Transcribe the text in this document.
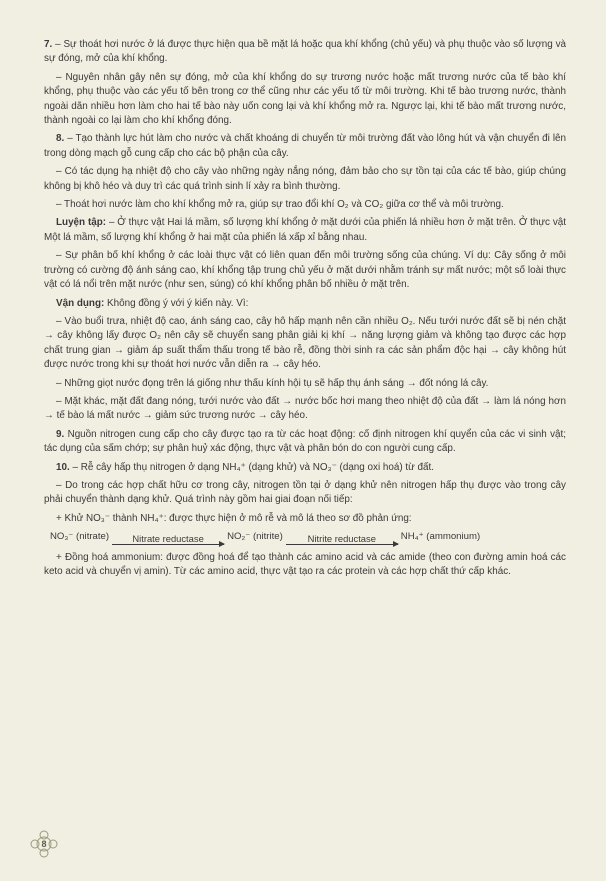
7. – Sự thoát hơi nước ở lá được thực hiện qua bề mặt lá hoặc qua khí khổng (chủ yếu) và phụ thuộc vào số lượng và sự đóng, mở của khí khổng.

– Nguyên nhân gây nên sự đóng, mở của khí khổng do sự trương nước hoặc mất trương nước của tế bào khí khổng, phụ thuộc vào các yếu tố bên trong cơ thể cũng như các yếu tố từ môi trường. Khi tế bào trương nước, thành ngoài dãn nhiều hơn làm cho hai tế bào này uốn cong lại và khí khổng mở ra. Ngược lại, khi tế bào mất trương nước, thành ngoài co lại làm cho khí khổng đóng.

8. – Tạo thành lực hút làm cho nước và chất khoáng di chuyển từ môi trường đất vào lông hút và vận chuyển đi lên trong dòng mạch gỗ cung cấp cho các bộ phận của cây.

– Có tác dụng hạ nhiệt độ cho cây vào những ngày nắng nóng, đảm bảo cho sự tồn tại của các tế bào, giúp chúng không bị khô héo và duy trì các quá trình sinh lí xảy ra bình thường.

– Thoát hơi nước làm cho khí khổng mở ra, giúp sự trao đổi khí O₂ và CO₂ giữa cơ thể và môi trường.

Luyện tập: – Ở thực vật Hai lá mầm, số lượng khí khổng ở mặt dưới của phiến lá nhiều hơn ở mặt trên. Ở thực vật Một lá mầm, số lượng khí khổng ở hai mặt của phiến lá xấp xỉ bằng nhau.

– Sự phân bố khí khổng ở các loài thực vật có liên quan đến môi trường sống của chúng. Ví dụ: Cây sống ở môi trường có cường độ ánh sáng cao, khí khổng tập trung chủ yếu ở mặt dưới nhằm tránh sự mất nước; một số loài thực vật có lá nổi trên mặt nước (như sen, súng) có khí khổng phân bố nhiều ở mặt trên.

Vận dụng: Không đồng ý với ý kiến này. Vì:

– Vào buổi trưa, nhiệt độ cao, ánh sáng cao, cây hô hấp mạnh nên cần nhiều O₂. Nếu tưới nước đất sẽ bị nén chặt → cây không lấy được O₂ nên cây sẽ chuyển sang phân giải kị khí → năng lượng giảm và không tạo được các hợp chất trung gian → giảm áp suất thẩm thấu trong tế bào rễ, đồng thời sinh ra các sản phẩm độc hại → cây không hút được nước trong khi sự thoát hơi nước vẫn diễn ra → cây héo.

– Những giọt nước đọng trên lá giống như thấu kính hội tụ sẽ hấp thụ ánh sáng → đốt nóng lá cây.

– Mặt khác, mặt đất đang nóng, tưới nước vào đất → nước bốc hơi mang theo nhiệt độ của đất → làm lá nóng hơn → tế bào lá mất nước → giảm sức trương nước → cây héo.

9. Nguồn nitrogen cung cấp cho cây được tạo ra từ các hoạt động: cố định nitrogen khí quyển của các vi sinh vật; tác dụng của sấm chớp; sự phân huỷ xác động, thực vật và phân bón do con người cung cấp.

10. – Rễ cây hấp thụ nitrogen ở dạng NH₄⁺ (dạng khử) và NO₃⁻ (dạng oxi hoá) từ đất.

– Do trong các hợp chất hữu cơ trong cây, nitrogen tồn tại ở dạng khử nên nitrogen hấp thụ được vào trong cây phải chuyển thành dạng khử. Quá trình này gồm hai giai đoạn nối tiếp:

+ Khử NO₃⁻ thành NH₄⁺: được thực hiện ở mô rễ và mô lá theo sơ đồ phản ứng:

NO₃⁻ (nitrate) Nitrate reductase NO₂⁻ (nitrite)	Nitrite reductase	NH₄⁺ (ammonium)

+ Đồng hoá ammonium: được đồng hoá để tạo thành các amino acid và các amide (theo con đường amin hoá các keto acid và chuyển vị amin). Từ các amino acid, thực vật tạo ra các protein và các hợp chất thứ cấp khác.

8
